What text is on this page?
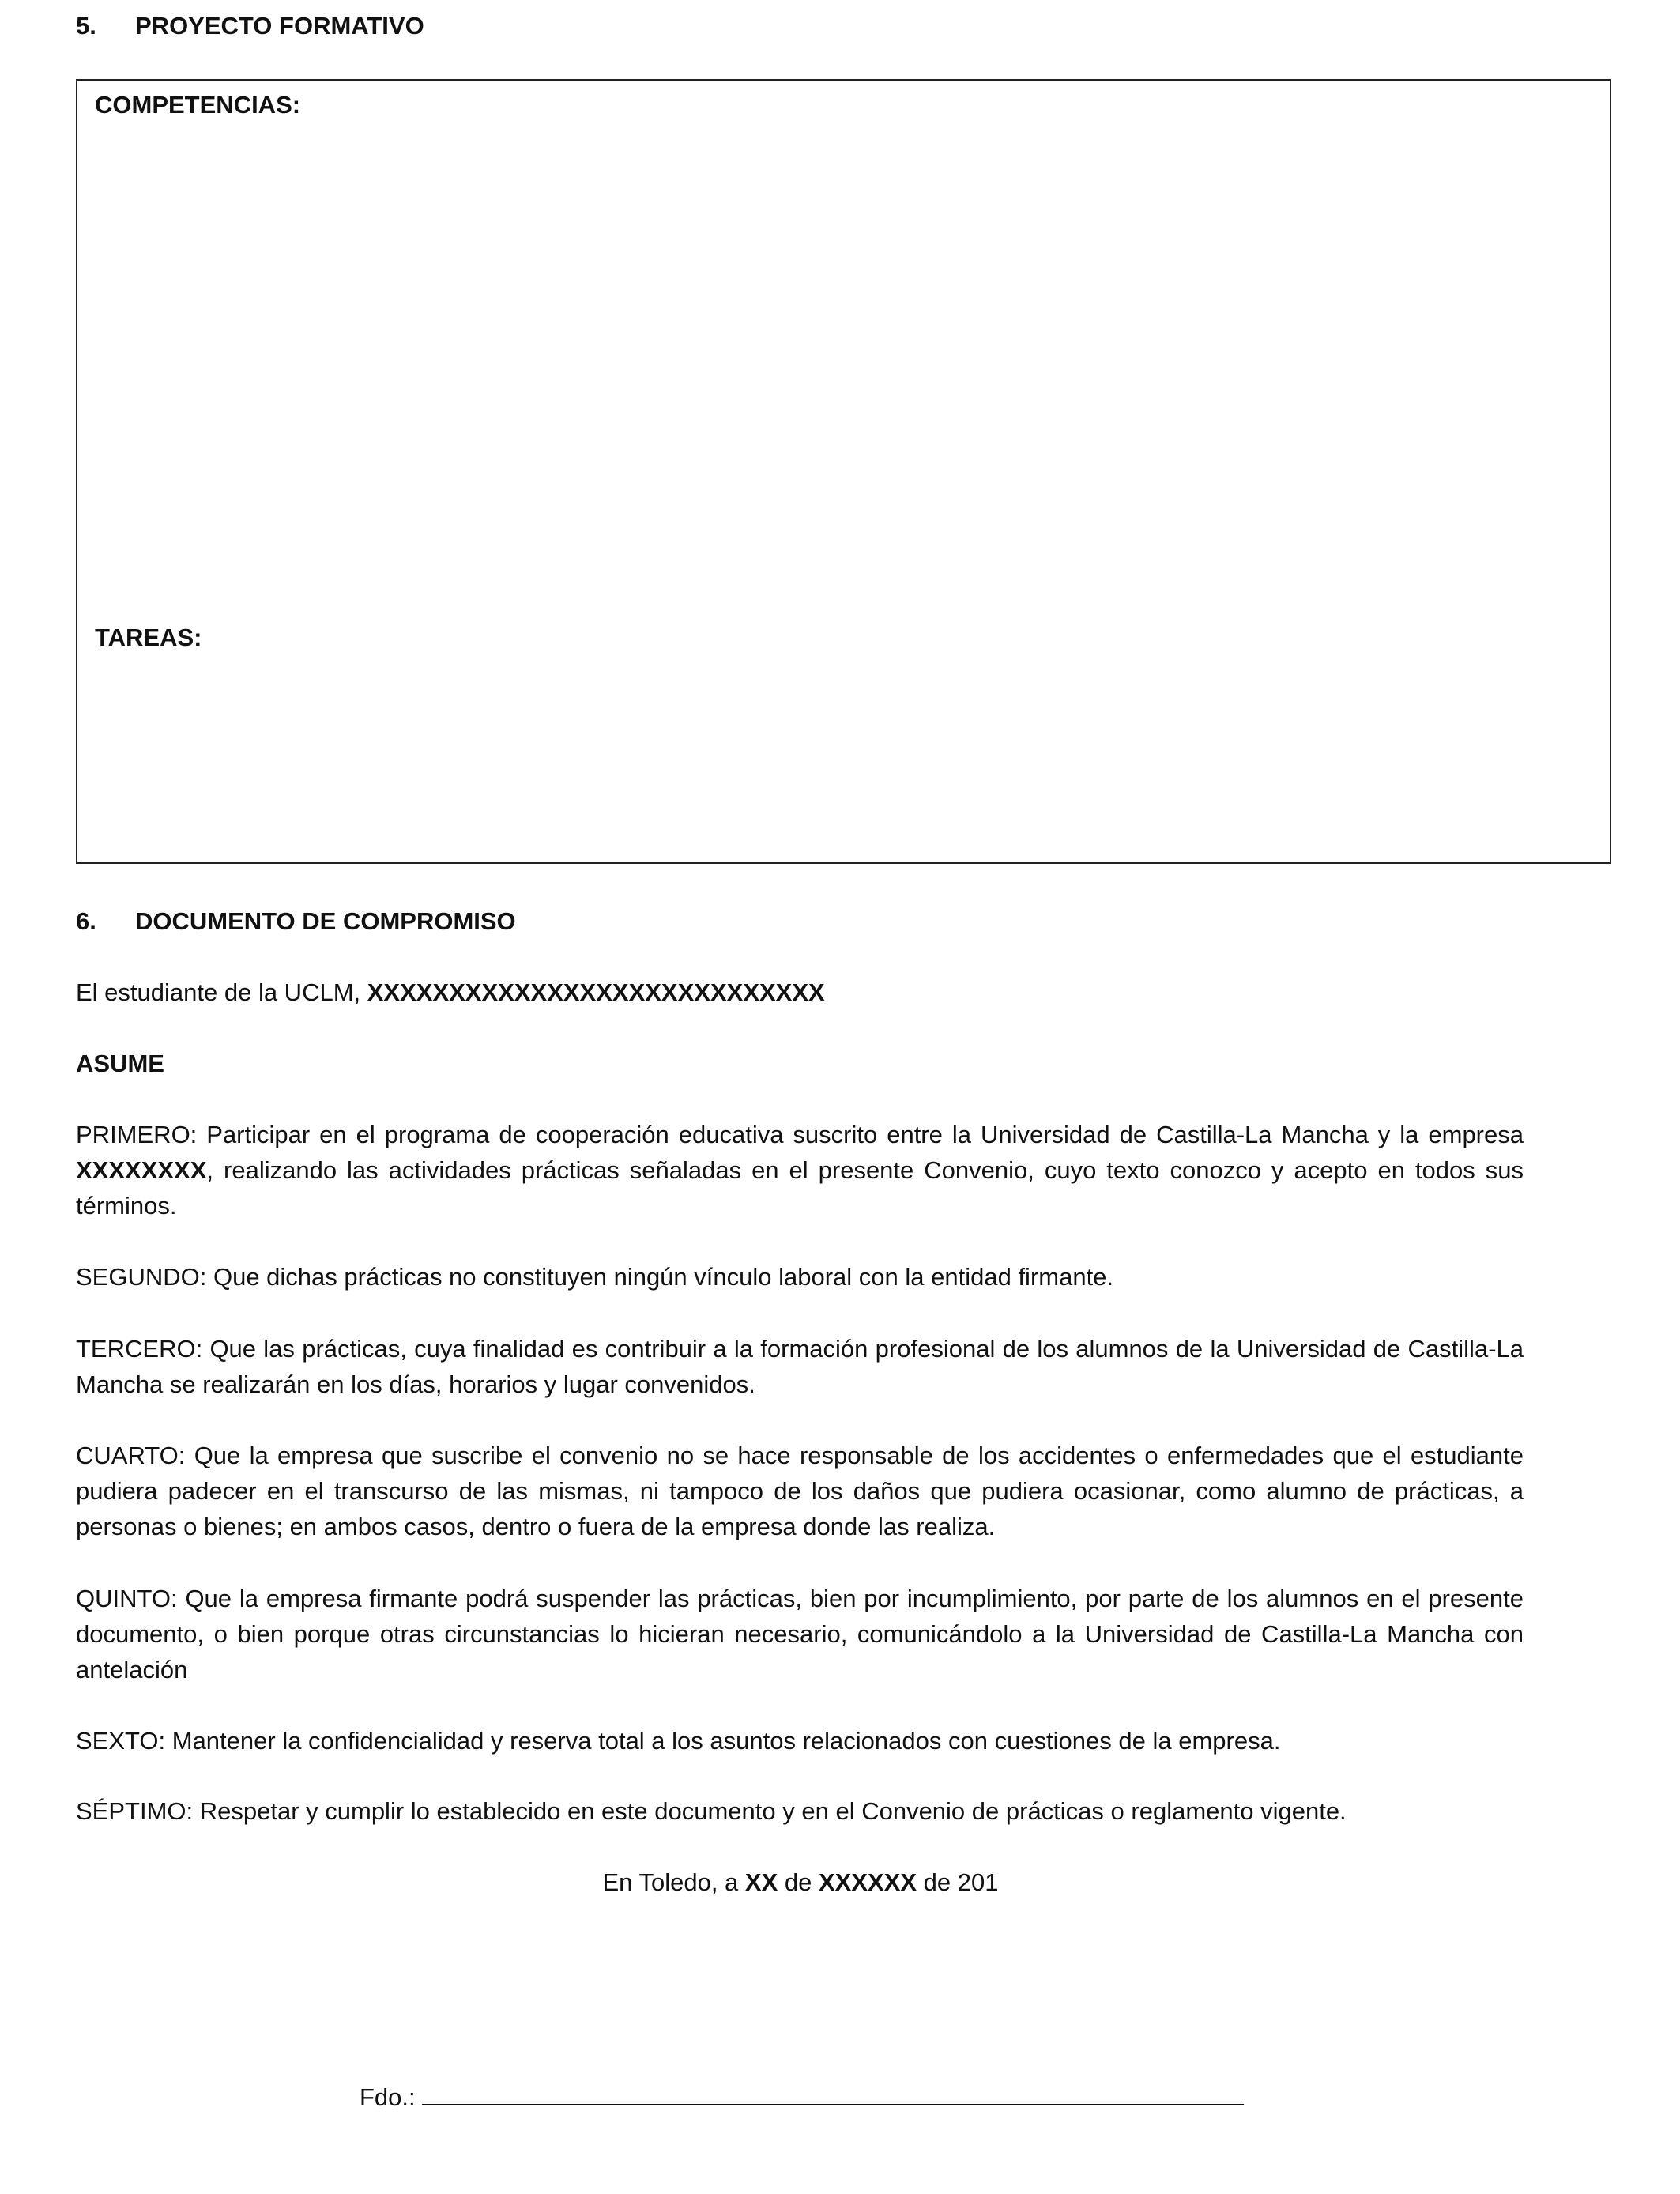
5. PROYECTO FORMATIVO
COMPETENCIAS:
TAREAS:
6. DOCUMENTO DE COMPROMISO
El estudiante de la UCLM, XXXXXXXXXXXXXXXXXXXXXXXXXXXX
ASUME
PRIMERO: Participar en el programa de cooperación educativa suscrito entre la Universidad de Castilla-La Mancha y la empresa XXXXXXXX, realizando las actividades prácticas señaladas en el presente Convenio, cuyo texto conozco y acepto en todos sus términos.
SEGUNDO: Que dichas prácticas no constituyen ningún vínculo laboral con la entidad firmante.
TERCERO: Que las prácticas, cuya finalidad es contribuir a la formación profesional de los alumnos de la Universidad de Castilla-La Mancha se realizarán en los días, horarios y lugar convenidos.
CUARTO: Que la empresa que suscribe el convenio no se hace responsable de los accidentes o enfermedades que el estudiante pudiera padecer en el transcurso de las mismas, ni tampoco de los daños que pudiera ocasionar, como alumno de prácticas, a personas o bienes; en ambos casos, dentro o fuera de la empresa donde las realiza.
QUINTO: Que la empresa firmante podrá suspender las prácticas, bien por incumplimiento, por parte de los alumnos en el presente documento, o bien porque otras circunstancias lo hicieran necesario, comunicándolo a la Universidad de Castilla-La Mancha con antelación
SEXTO: Mantener la confidencialidad y reserva total a los asuntos relacionados con cuestiones de la empresa.
SÉPTIMO: Respetar y cumplir lo establecido en este documento y en el Convenio de prácticas o reglamento vigente.
En Toledo, a XX de XXXXXX de 201
Fdo.:
